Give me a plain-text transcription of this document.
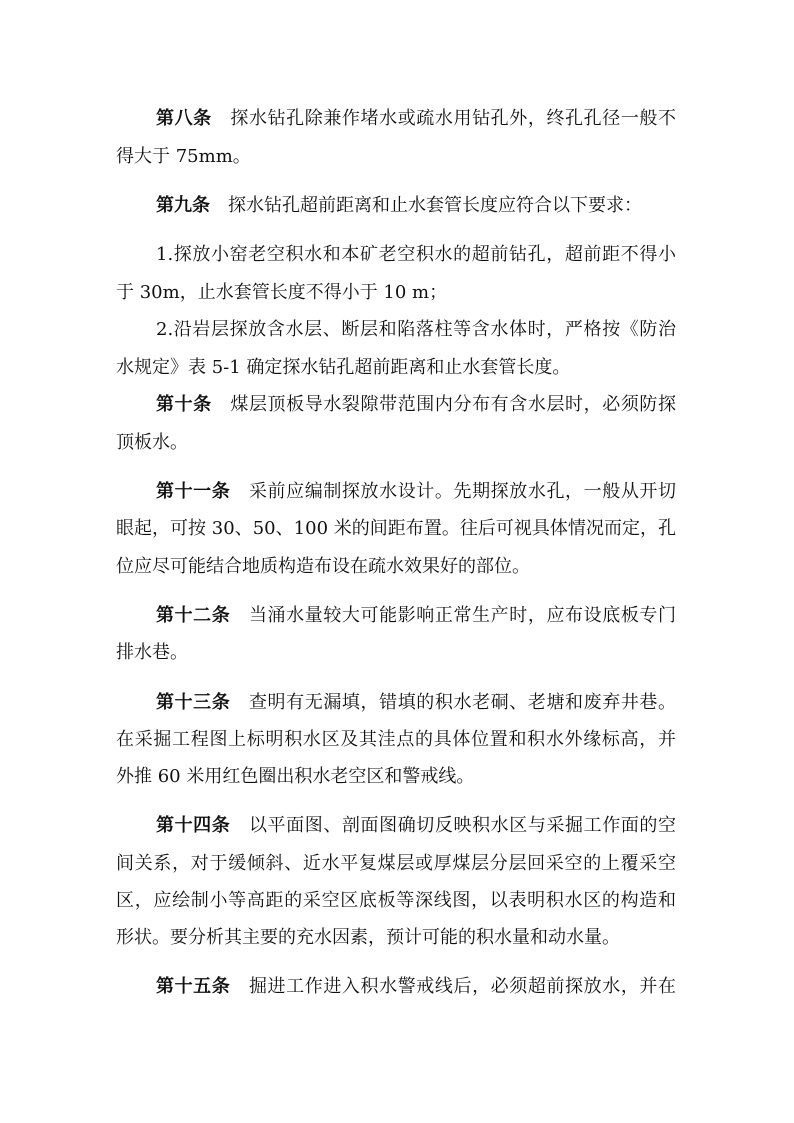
第八条 探水钻孔除兼作堵水或疏水用钻孔外，终孔孔径一般不
得大于 75mm。
第九条 探水钻孔超前距离和止水套管长度应符合以下要求：
1.探放小窑老空积水和本矿老空积水的超前钻孔，超前距不得小
于 30m，止水套管长度不得小于 10 m；
2.沿岩层探放含水层、断层和陷落柱等含水体时，严格按《防治
水规定》表 5-1 确定探水钻孔超前距离和止水套管长度。
第十条 煤层顶板导水裂隙带范围内分布有含水层时，必须防探
顶板水。
第十一条 采前应编制探放水设计。先期探放水孔，一般从开切
眼起，可按 30、50、100 米的间距布置。往后可视具体情况而定，孔
位应尽可能结合地质构造布设在疏水效果好的部位。
第十二条 当涌水量较大可能影响正常生产时，应布设底板专门
排水巷。
第十三条 查明有无漏填，错填的积水老硐、老塘和废弃井巷。
在采掘工程图上标明积水区及其洼点的具体位置和积水外缘标高，并
外推 60 米用红色圈出积水老空区和警戒线。
第十四条 以平面图、剖面图确切反映积水区与采掘工作面的空
间关系，对于缓倾斜、近水平复煤层或厚煤层分层回采空的上覆采空
区，应绘制小等高距的采空区底板等深线图，以表明积水区的构造和
形状。要分析其主要的充水因素，预计可能的积水量和动水量。
第十五条 掘进工作进入积水警戒线后，必须超前探放水，并在
